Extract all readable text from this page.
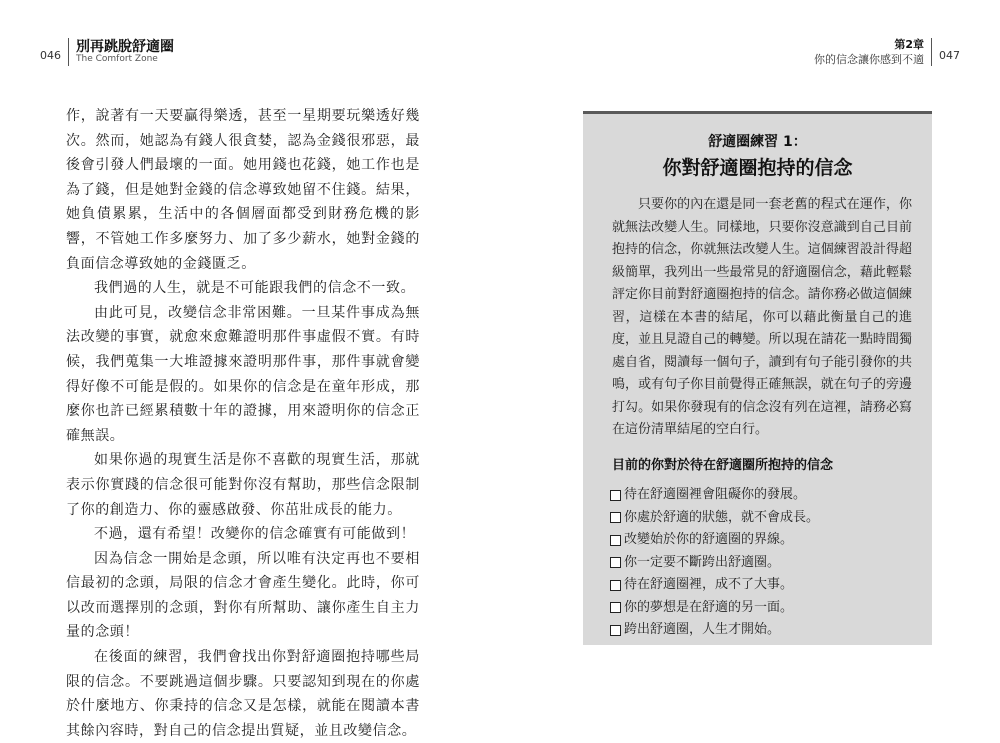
046
別再跳脫舒適圈
The Comfort Zone
第2章
你的信念讓你感到不適 047

作，說著有一天要贏得樂透，甚至一星期要玩樂透好幾次。然而，她認為有錢人很貪婪，認為金錢很邪惡，最後會引發人們最壞的一面。她用錢也花錢，她工作也是為了錢，但是她對金錢的信念導致她留不住錢。結果，她負債累累，生活中的各個層面都受到財務危機的影響，不管她工作多麼努力、加了多少薪水，她對金錢的負面信念導致她的金錢匱乏。

我們過的人生，就是不可能跟我們的信念不一致。

由此可見，改變信念非常困難。一旦某件事成為無法改變的事實，就愈來愈難證明那件事虛假不實。有時候，我們蒐集一大堆證據來證明那件事，那件事就會變得好像不可能是假的。如果你的信念是在童年形成，那麼你也許已經累積數十年的證據，用來證明你的信念正確無誤。

如果你過的現實生活是你不喜歡的現實生活，那就表示你實踐的信念很可能對你沒有幫助，那些信念限制了你的創造力、你的靈感啟發、你茁壯成長的能力。

不過，還有希望！改變你的信念確實有可能做到！

因為信念一開始是念頭，所以唯有決定再也不要相信最初的念頭，局限的信念才會產生變化。此時，你可以改而選擇別的念頭，對你有所幫助、讓你產生自主力量的念頭！

在後面的練習，我們會找出你對舒適圈抱持哪些局限的信念。不要跳過這個步驟。只要認知到現在的你處於什麼地方、你秉持的信念又是怎樣，就能在閱讀本書其餘內容時，對自己的信念提出質疑，並且改變信念。

舒適圈練習 1：
你對舒適圈抱持的信念

只要你的內在還是同一套老舊的程式在運作，你就無法改變人生。同樣地，只要你沒意識到自己目前抱持的信念，你就無法改變人生。這個練習設計得超級簡單，我列出一些最常見的舒適圈信念，藉此輕鬆評定你目前對舒適圈抱持的信念。請你務必做這個練習，這樣在本書的結尾，你可以藉此衡量自己的進度，並且見證自己的轉變。所以現在請花一點時間獨處自省，閱讀每一個句子，讀到有句子能引發你的共鳴，或有句子你目前覺得正確無誤，就在句子的旁邊打勾。如果你發現有的信念沒有列在這裡，請務必寫在這份清單結尾的空白行。

目前的你對於待在舒適圈所抱持的信念
待在舒適圈裡會阻礙你的發展。
你處於舒適的狀態，就不會成長。
改變始於你的舒適圈的界線。
你一定要不斷跨出舒適圈。
待在舒適圈裡，成不了大事。
你的夢想是在舒適的另一面。
跨出舒適圈，人生才開始。
